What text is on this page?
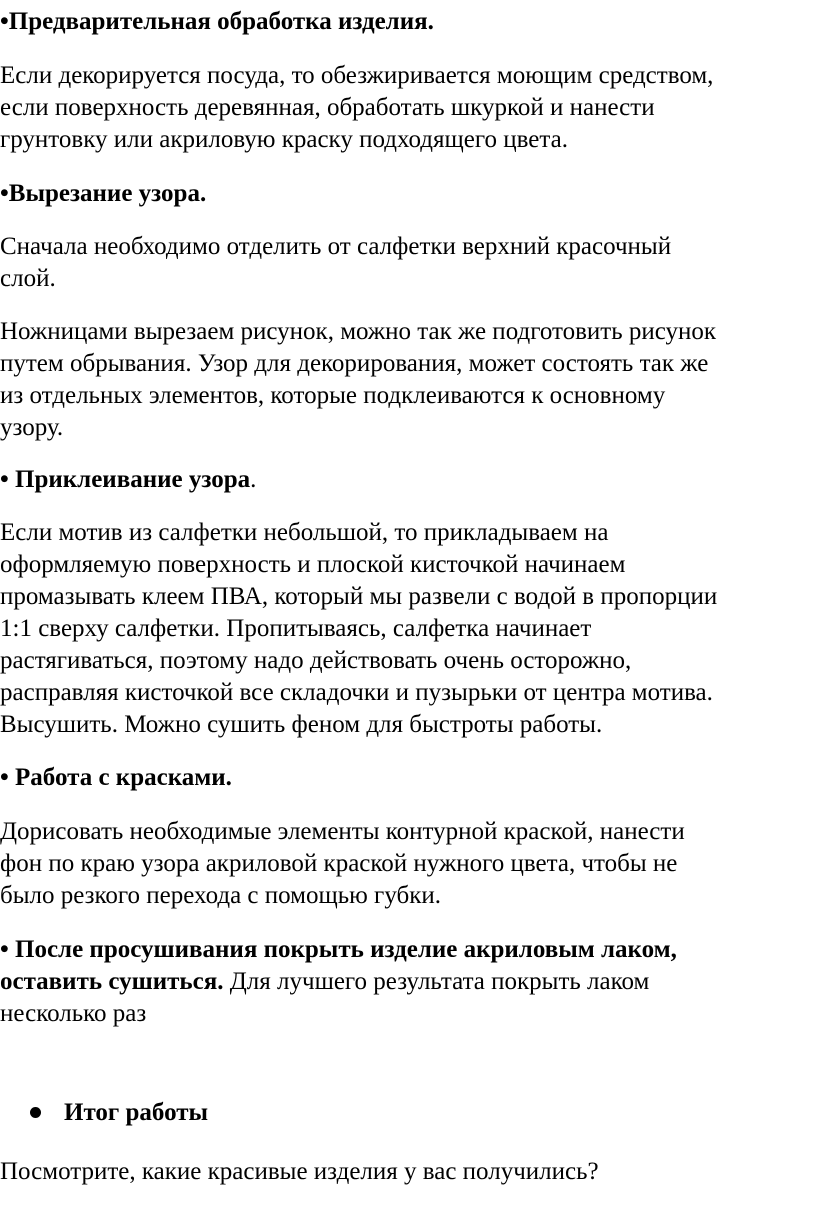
•Предварительная обработка изделия.
Если декорируется посуда, то обезжиривается моющим средством,
если поверхность деревянная, обработать шкуркой и нанести
грунтовку или акриловую краску подходящего цвета.
•Вырезание узора.
Сначала необходимо отделить от салфетки верхний красочный
слой.
Ножницами вырезаем рисунок, можно так же подготовить рисунок
путем обрывания. Узор для декорирования, может состоять так же
из отдельных элементов, которые подклеиваются к основному
узору.
• Приклеивание узора.
Если мотив из салфетки небольшой, то прикладываем на
оформляемую поверхность и плоской кисточкой начинаем
промазывать клеем ПВА, который мы развели с водой в пропорции
1:1 сверху салфетки. Пропитываясь, салфетка начинает
растягиваться, поэтому надо действовать очень осторожно,
расправляя кисточкой все складочки и пузырьки от центра мотива.
Высушить. Можно сушить феном для быстроты работы.
• Работа с красками.
Дорисовать необходимые элементы контурной краской, нанести
фон по краю узора акриловой краской нужного цвета, чтобы не
было резкого перехода с помощью губки.
• После просушивания покрыть изделие акриловым лаком,
оставить сушиться. Для лучшего результата покрыть лаком
несколько раз
Итог работы
Посмотрите, какие красивые изделия у вас получились?
